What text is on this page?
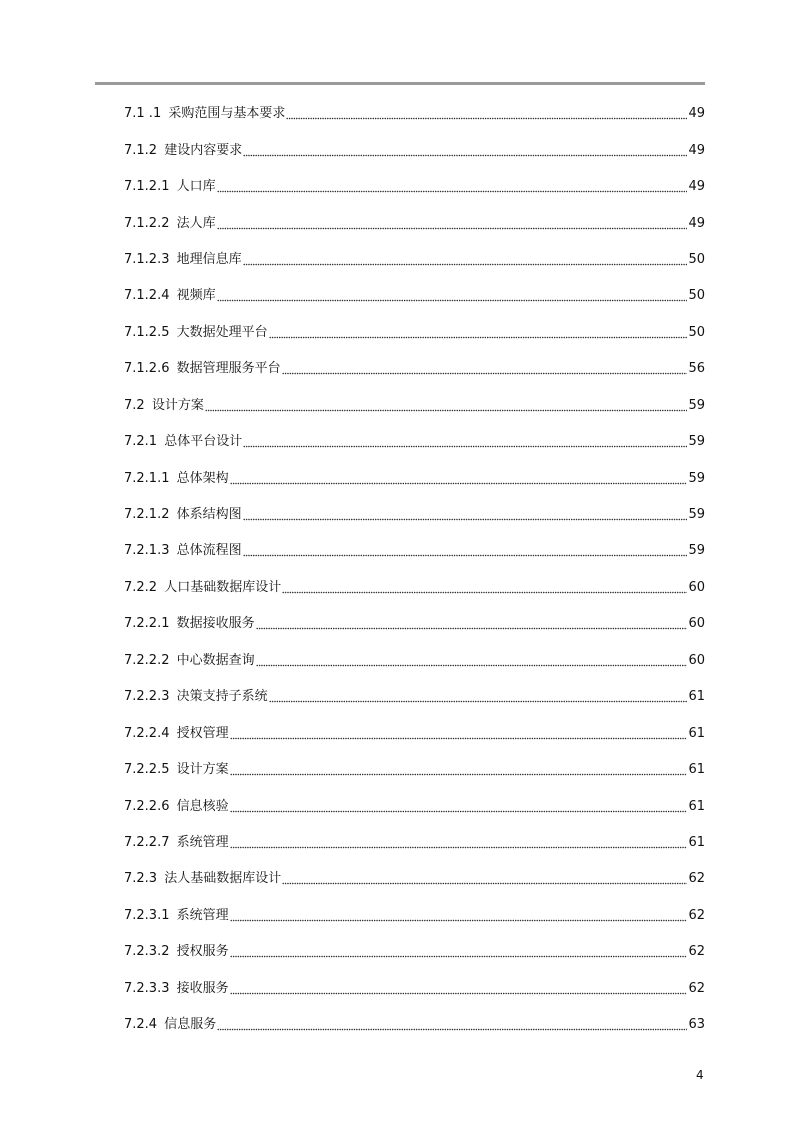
7.1 .1 采购范围与基本要求	49
7.1.2 建设内容要求	49
7.1.2.1 人口库	49
7.1.2.2 法人库	49
7.1.2.3 地理信息库	50
7.1.2.4 视频库	50
7.1.2.5 大数据处理平台	50
7.1.2.6 数据管理服务平台	56
7.2 设计方案	59
7.2.1 总体平台设计	59
7.2.1.1 总体架构	59
7.2.1.2 体系结构图	59
7.2.1.3 总体流程图	59
7.2.2 人口基础数据库设计	60
7.2.2.1 数据接收服务	60
7.2.2.2 中心数据查询	60
7.2.2.3 决策支持子系统	61
7.2.2.4 授权管理	61
7.2.2.5 设计方案	61
7.2.2.6 信息核验	61
7.2.2.7 系统管理	61
7.2.3 法人基础数据库设计	62
7.2.3.1 系统管理	62
7.2.3.2 授权服务	62
7.2.3.3 接收服务	62
7.2.4 信息服务	63
4
